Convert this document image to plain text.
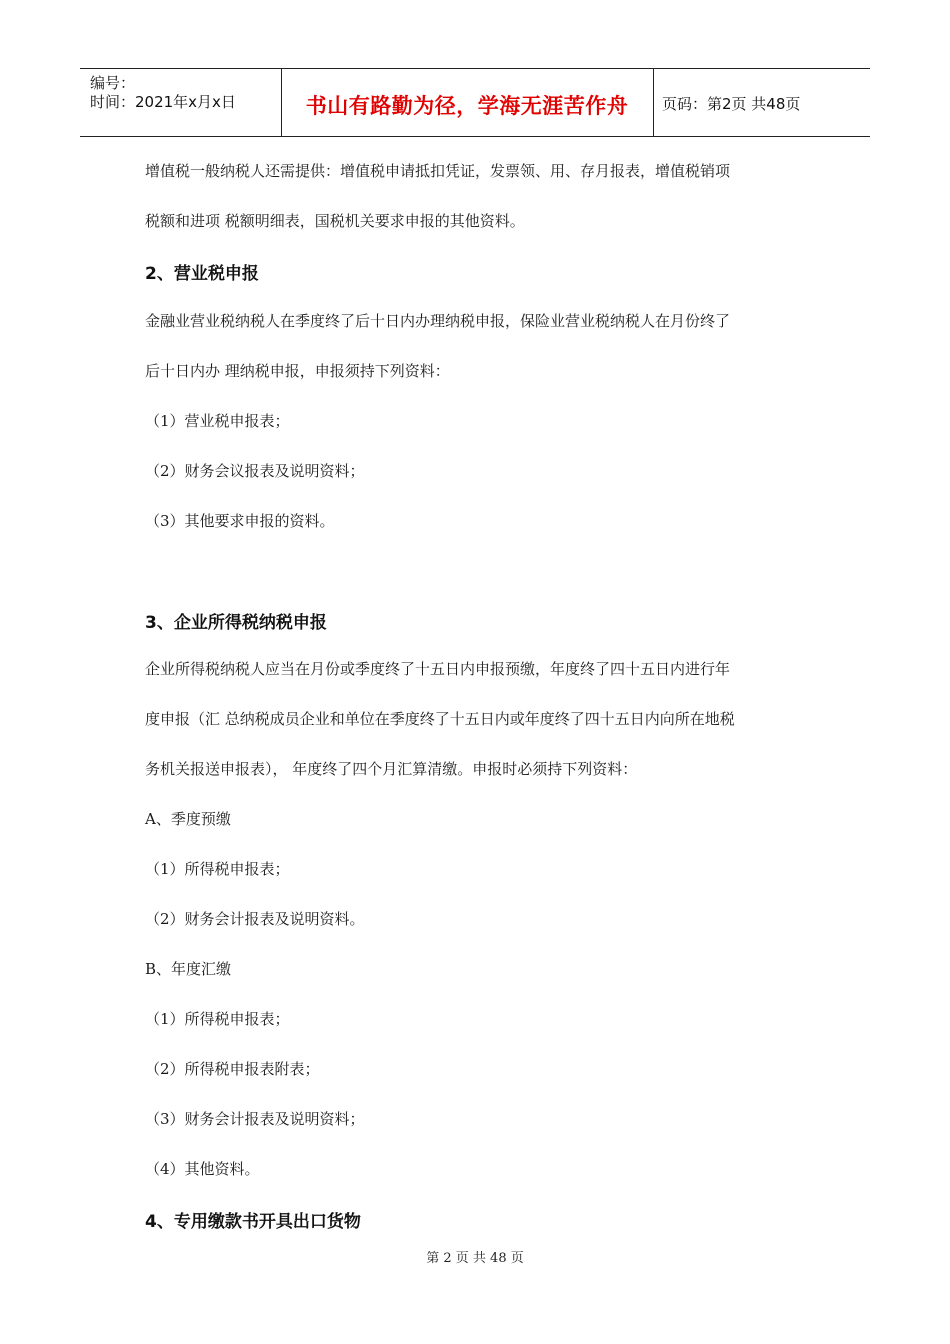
编号：
时间：2021年x月x日	书山有路勤为径，学海无涯苦作舟	页码：第2页 共48页
增值税一般纳税人还需提供：增值税申请抵扣凭证，发票领、用、存月报表，增值税销项
税额和进项 税额明细表，国税机关要求申报的其他资料。
2、营业税申报
金融业营业税纳税人在季度终了后十日内办理纳税申报，保险业营业税纳税人在月份终了
后十日内办 理纳税申报，申报须持下列资料：
（1）营业税申报表；
（2）财务会议报表及说明资料；
（3）其他要求申报的资料。
3、企业所得税纳税申报
企业所得税纳税人应当在月份或季度终了十五日内申报预缴，年度终了四十五日内进行年
度申报（汇 总纳税成员企业和单位在季度终了十五日内或年度终了四十五日内向所在地税
务机关报送申报表）， 年度终了四个月汇算清缴。申报时必须持下列资料：
A、季度预缴
（1）所得税申报表；
（2）财务会计报表及说明资料。
B、年度汇缴
（1）所得税申报表；
（2）所得税申报表附表；
（3）财务会计报表及说明资料；
（4）其他资料。
4、专用缴款书开具出口货物
第 2 页 共 48 页
